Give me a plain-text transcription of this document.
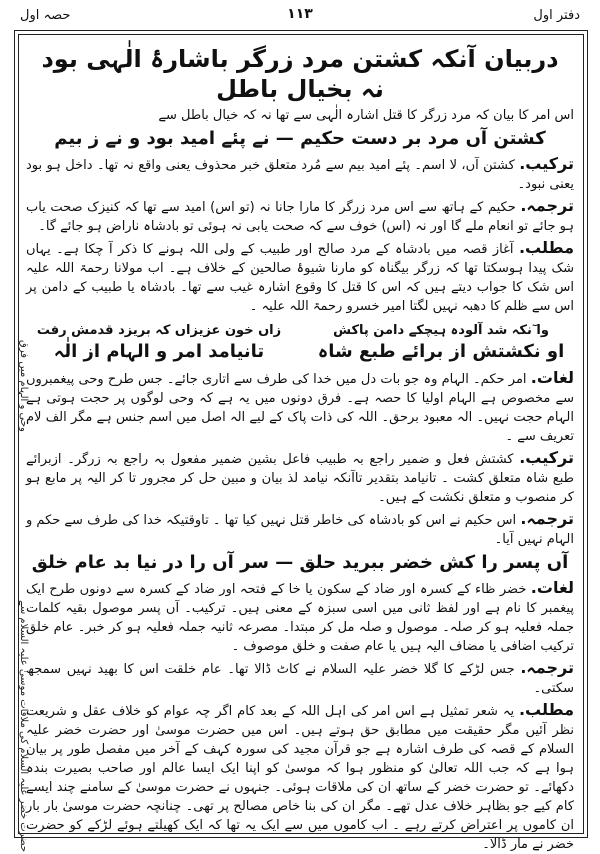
حصہ اول	۱۱۳	دفتر اول
وحی و الہام میں فرق
حضرت خضر علیہ السلام کی ملاقات موسیٰ علیہ السلام سے
دربیان آنکہ کشتن مرد زرگر باشارۂ الٰہی بود نہ بخیال باطل

اس امر کا بیان کہ مرد زرگر کا قتل اشارہ الٰہی سے تھا نہ کہ خیال باطل سے

کشتن آں مرد بر دست حکیم — نے پئے امید بود و نے ز بیم

ترکیب. کشتن آں، لا اسم۔ پئے امید بیم سے مُرد متعلق خبر محذوف یعنی واقع نہ تھا۔ داخل ہو بود یعنی نبود۔

ترجمہ. حکیم کے ہاتھ سے اس مرد زرگر کا مارا جانا نہ (تو اس) امید سے تھا کہ کنیزک صحت یاب ہو جائے تو انعام ملے گا اور نہ (اس) خوف سے کہ صحت یابی نہ ہوئی تو بادشاہ ناراض ہو جائے گا۔

مطلب. آغاز قصہ میں بادشاہ کے مرد صالح اور طبیب کے ولی اللہ ہونے کا ذکر آ چکا ہے۔ یہاں شک پیدا ہوسکتا تھا کہ زرگر بیگناہ کو مارنا شیوۂ صالحین کے خلاف ہے۔ اب مولانا رحمۃ اللہ علیہ اس شک کا جواب دیتے ہیں کہ اس کا قتل کا وقوع اشارہ غیب سے تھا۔ بادشاہ یا طبیب کے دامن پر اس سے ظلم کا دھبہ نہیں لگتا امیر خسرو رحمۃ اللہ علیہ ۔

وا ٓنکہ شد آلودہ ہیچکے دامن پاکش
او نکشتش از برائے طبع شاہ
زاں خون عزیزاں کہ بریزد قدمش رفت
تانیامد امر و الہام از الٰہ

لغات. امر حکم۔ الہام وہ جو بات دل میں خدا کی طرف سے اتاری جائے۔ جس طرح وحی پیغمبروں سے مخصوص ہے الہام اولیا کا حصہ ہے۔ فرق دونوں میں یہ ہے کہ وحی لوگوں پر حجت ہوتی ہے الہام حجت نہیں۔ الہ معبود برحق۔ اللہ کی ذات پاک کے لیے الہ اصل میں اسم جنس ہے مگر الف لام تعریف سے ۔

ترکیب. کشتش فعل و ضمیر راجع بہ طبیب فاعل بشین ضمیر مفعول بہ راجع بہ زرگر۔ ازبرائے طبع شاہ متعلق کشت ۔ تانیامد بتقدیر تاآنکہ نیامد لذ بیان و مبین حل کر مجرور تا کر الیہ پر مابع ہو کر منصوب و متعلق نکشت کے ہیں۔

ترجمہ. اس حکیم نے اس کو بادشاہ کی خاطر قتل نہیں کیا تھا ۔ تاوقتیکہ خدا کی طرف سے حکم و الہام نہیں آیا۔

آں پسر را کش خضر ببرید حلق — سر آں را در نیا بد عام خلق

لغات. خضر ظاء کے کسرہ اور ضاد کے سکون یا خا کے فتحہ اور ضاد کے کسرہ سے دونوں طرح ایک پیغمبر کا نام ہے اور لفظ ثانی میں اسی سبزہ کے معنی ہیں۔ ترکیب۔ آں پسر موصول بقیہ کلمات جملہ فعلیہ ہو کر صلہ۔ موصول و صلہ مل کر مبتدا۔ مصرعہ ثانیہ جملہ فعلیہ ہو کر خبر۔ عام خلق ترکیب اضافی یا مضاف الیہ ہیں یا عام صفت و خلق موصوف ۔

ترجمہ. جس لڑکے کا گلا خضر علیہ السلام نے کاٹ ڈالا تھا۔ عام خلقت اس کا بھید نہیں سمجھ سکتی۔

مطلب. یہ شعر تمثیل ہے اس امر کی اہل اللہ کے بعد کام اگر چہ عوام کو خلاف عقل و شریعت نظر آئیں مگر حقیقت میں مطابق حق ہوتے ہیں۔ اس میں حضرت موسیٰ اور حضرت خضر علیہ السلام کے قصہ کی طرف اشارہ ہے جو قرآن مجید کی سورہ کہف کے آخر میں مفصل طور پر بیان ہوا ہے کہ جب اللہ تعالیٰ کو منظور ہوا کہ موسیٰ کو اپنا ایک ایسا عالم اور صاحب بصیرت بندہ دکھائے۔ تو حضرت خضر کے ساتھ ان کی ملاقات ہوئی۔ جنہوں نے حضرت موسیٰ کے سامنے چند ایسے کام کیے جو بظاہر خلاف عدل تھے۔ مگر ان کی بنا خاص مصالح پر تھی۔ چنانچہ حضرت موسیٰ بار بار ان کاموں پر اعتراض کرتے رہے ۔ اب کاموں میں سے ایک یہ تھا کہ ایک کھیلتے ہوئے لڑکے کو حضرت خضر نے مار ڈالا۔
